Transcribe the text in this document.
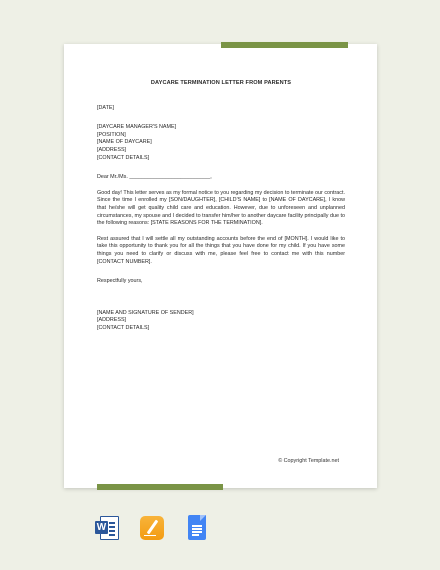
DAYCARE TERMINATION LETTER FROM PARENTS
[DATE]
[DAYCARE MANAGER'S NAME]
[POSITION]
[NAME OF DAYCARE]
[ADDRESS]
[CONTACT DETAILS]
Dear Mr./Ms. ___________________________,

Good day! This letter serves as my formal notice to you regarding my decision to terminate our contract. Since the time I enrolled my [SON/DAUGHTER], [CHILD'S NAME] to [NAME OF DAYCARE], I know that he/she will get quality child care and education. However, due to unforeseen and unplanned circumstances, my spouse and I decided to transfer him/her to another daycare facility principally due to the following reasons: [STATE REASONS FOR THE TERMINATION].

Rest assured that I will settle all my outstanding accounts before the end of [MONTH]. I would like to take this opportunity to thank you for all the things that you have done for my child. If you have some things you need to clarify or discuss with me, please feel free to contact me with this number [CONTACT NUMBER].

Respectfully yours,
[NAME AND SIGNATURE OF SENDER]
[ADDRESS]
[CONTACT DETAILS]
© Copyright Template.net
W
